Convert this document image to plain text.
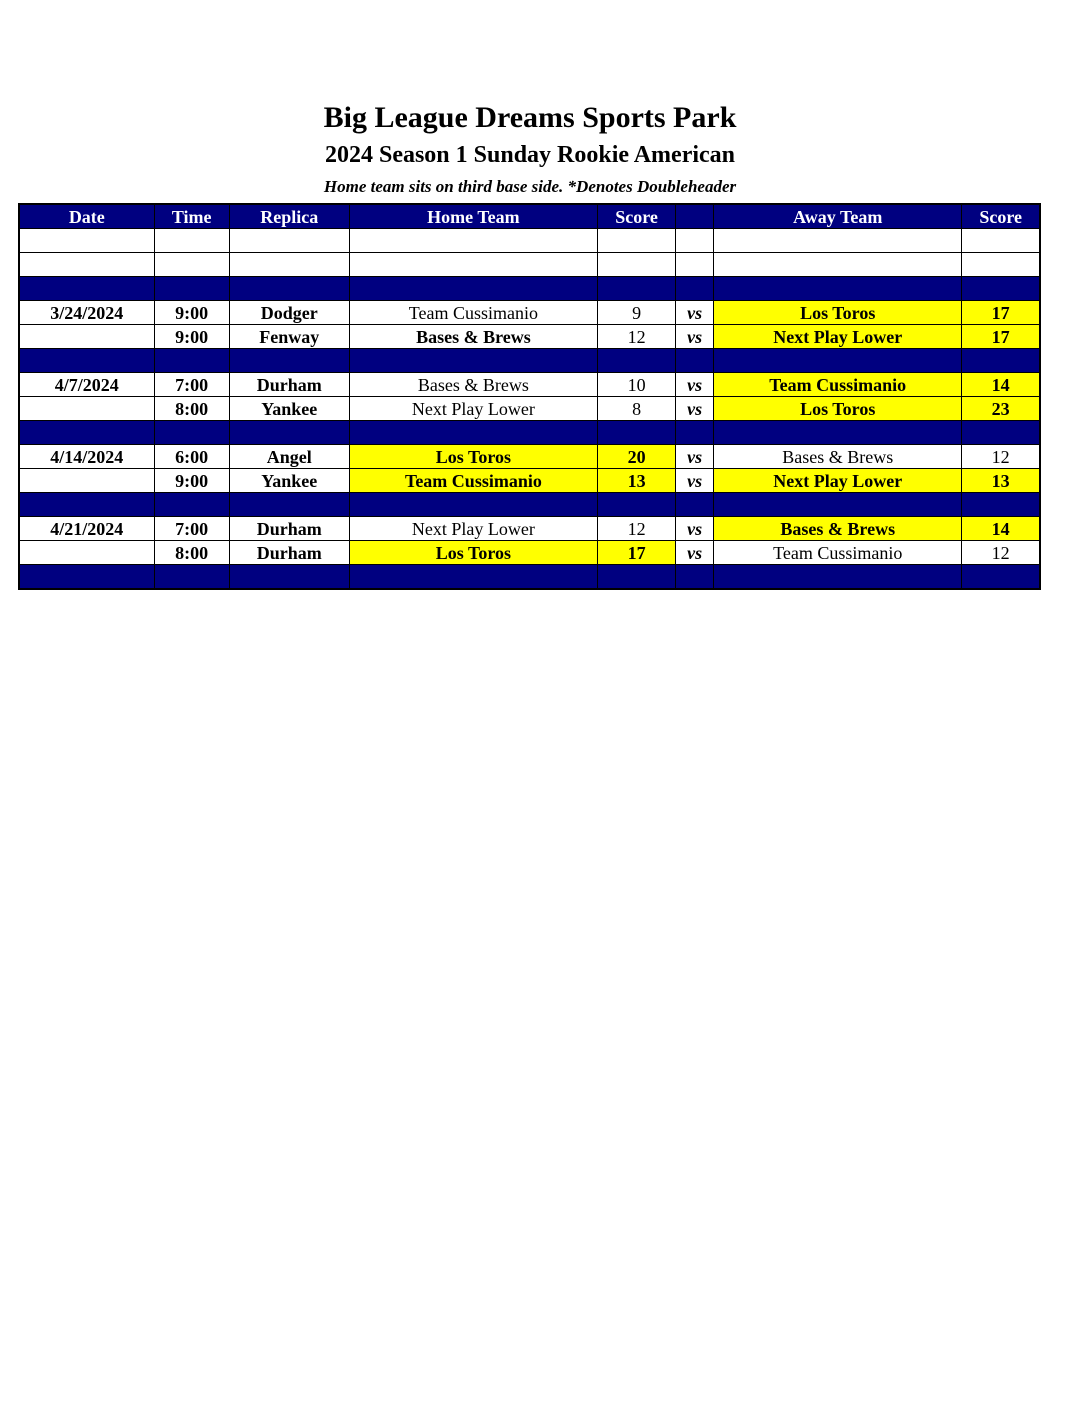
Big League Dreams Sports Park
2024 Season 1 Sunday Rookie American
Home team sits on third base side. *Denotes Doubleheader
Date	Time	Replica	Home Team	Score		Away Team	Score

3/24/2024	9:00	Dodger	Team Cussimanio	9	vs	Los Toros	17
	9:00	Fenway	Bases & Brews	12	vs	Next Play Lower	17

4/7/2024	7:00	Durham	Bases & Brews	10	vs	Team Cussimanio	14
	8:00	Yankee	Next Play Lower	8	vs	Los Toros	23

4/14/2024	6:00	Angel	Los Toros	20	vs	Bases & Brews	12
	9:00	Yankee	Team Cussimanio	13	vs	Next Play Lower	13

4/21/2024	7:00	Durham	Next Play Lower	12	vs	Bases & Brews	14
	8:00	Durham	Los Toros	17	vs	Team Cussimanio	12
